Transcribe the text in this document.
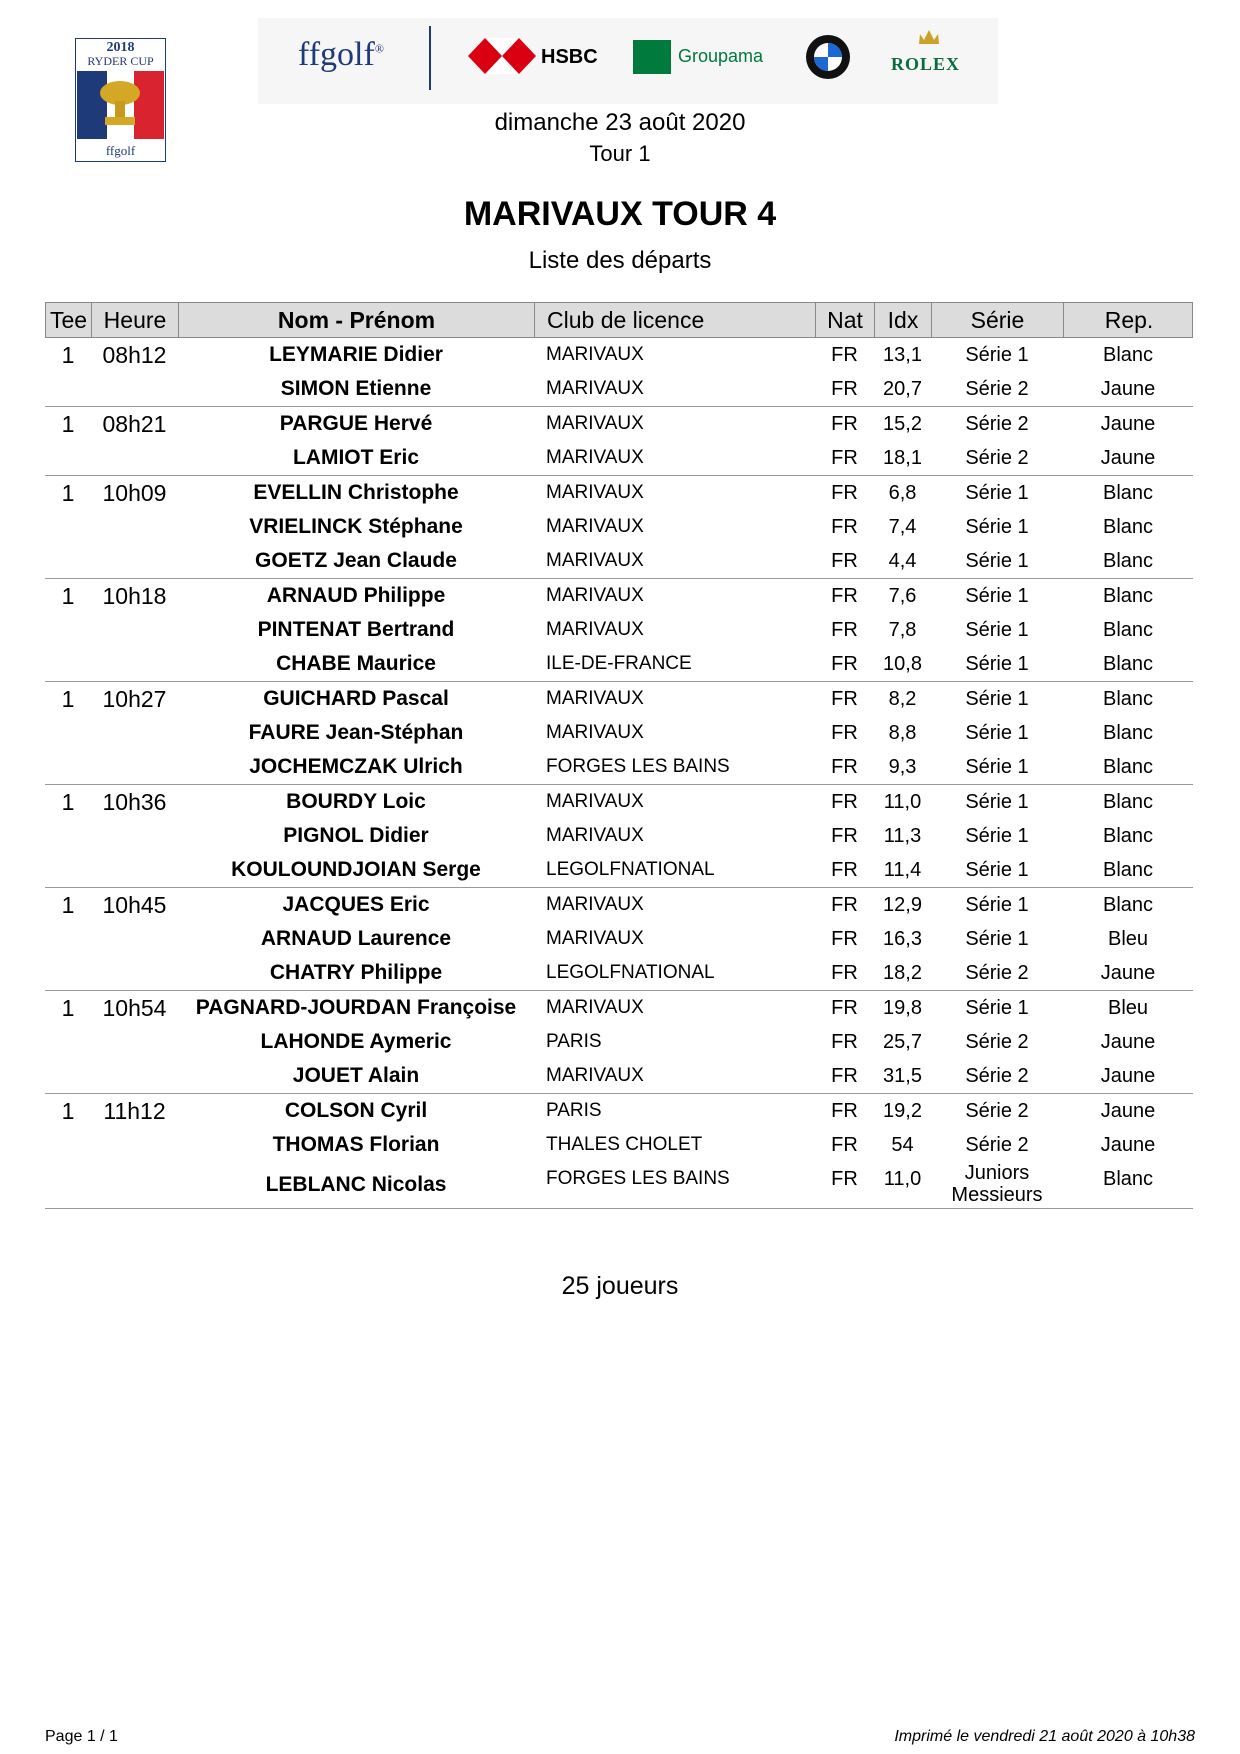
2018
RYDER CUP
ffgolf
ffgolf®	HSBC	Groupama	ROLEX
dimanche 23 août 2020
Tour 1
MARIVAUX TOUR 4
Liste des départs
Tee Heure	Nom - Prénom	Club de licence	Nat	Idx	Série	Rep.
1	08h12	LEYMARIE Didier	MARIVAUX	FR	13,1	Série 1	Blanc
SIMON Etienne	MARIVAUX	FR	20,7	Série 2	Jaune
1	08h21	PARGUE Hervé	MARIVAUX	FR	15,2	Série 2	Jaune
LAMIOT Eric	MARIVAUX	FR	18,1	Série 2	Jaune
1	10h09	EVELLIN Christophe	MARIVAUX	FR	6,8	Série 1	Blanc
VRIELINCK Stéphane	MARIVAUX	FR	7,4	Série 1	Blanc
GOETZ Jean Claude	MARIVAUX	FR	4,4	Série 1	Blanc
1	10h18	ARNAUD Philippe	MARIVAUX	FR	7,6	Série 1	Blanc
PINTENAT Bertrand	MARIVAUX	FR	7,8	Série 1	Blanc
CHABE Maurice	ILE-DE-FRANCE	FR	10,8	Série 1	Blanc
1	10h27	GUICHARD Pascal	MARIVAUX	FR	8,2	Série 1	Blanc
FAURE Jean-Stéphan	MARIVAUX	FR	8,8	Série 1	Blanc
JOCHEMCZAK Ulrich	FORGES LES BAINS	FR	9,3	Série 1	Blanc
1	10h36	BOURDY Loic	MARIVAUX	FR	11,0	Série 1	Blanc
PIGNOL Didier	MARIVAUX	FR	11,3	Série 1	Blanc
KOULOUNDJOIAN Serge	LEGOLFNATIONAL	FR	11,4	Série 1	Blanc
1	10h45	JACQUES Eric	MARIVAUX	FR	12,9	Série 1	Blanc
ARNAUD Laurence	MARIVAUX	FR	16,3	Série 1	Bleu
CHATRY Philippe	LEGOLFNATIONAL	FR	18,2	Série 2	Jaune
1	10h54	PAGNARD-JOURDAN Françoise	MARIVAUX	FR	19,8	Série 1	Bleu
LAHONDE Aymeric	PARIS	FR	25,7	Série 2	Jaune
JOUET Alain	MARIVAUX	FR	31,5	Série 2	Jaune
1	11h12	COLSON Cyril	PARIS	FR	19,2	Série 2	Jaune
THOMAS Florian	THALES CHOLET	FR	54	Série 2	Jaune
LEBLANC Nicolas	FORGES LES BAINS	FR	11,0	Juniors	Blanc
Messieurs
25 joueurs
Page 1 / 1	Imprimé le vendredi 21 août 2020 à 10h38
